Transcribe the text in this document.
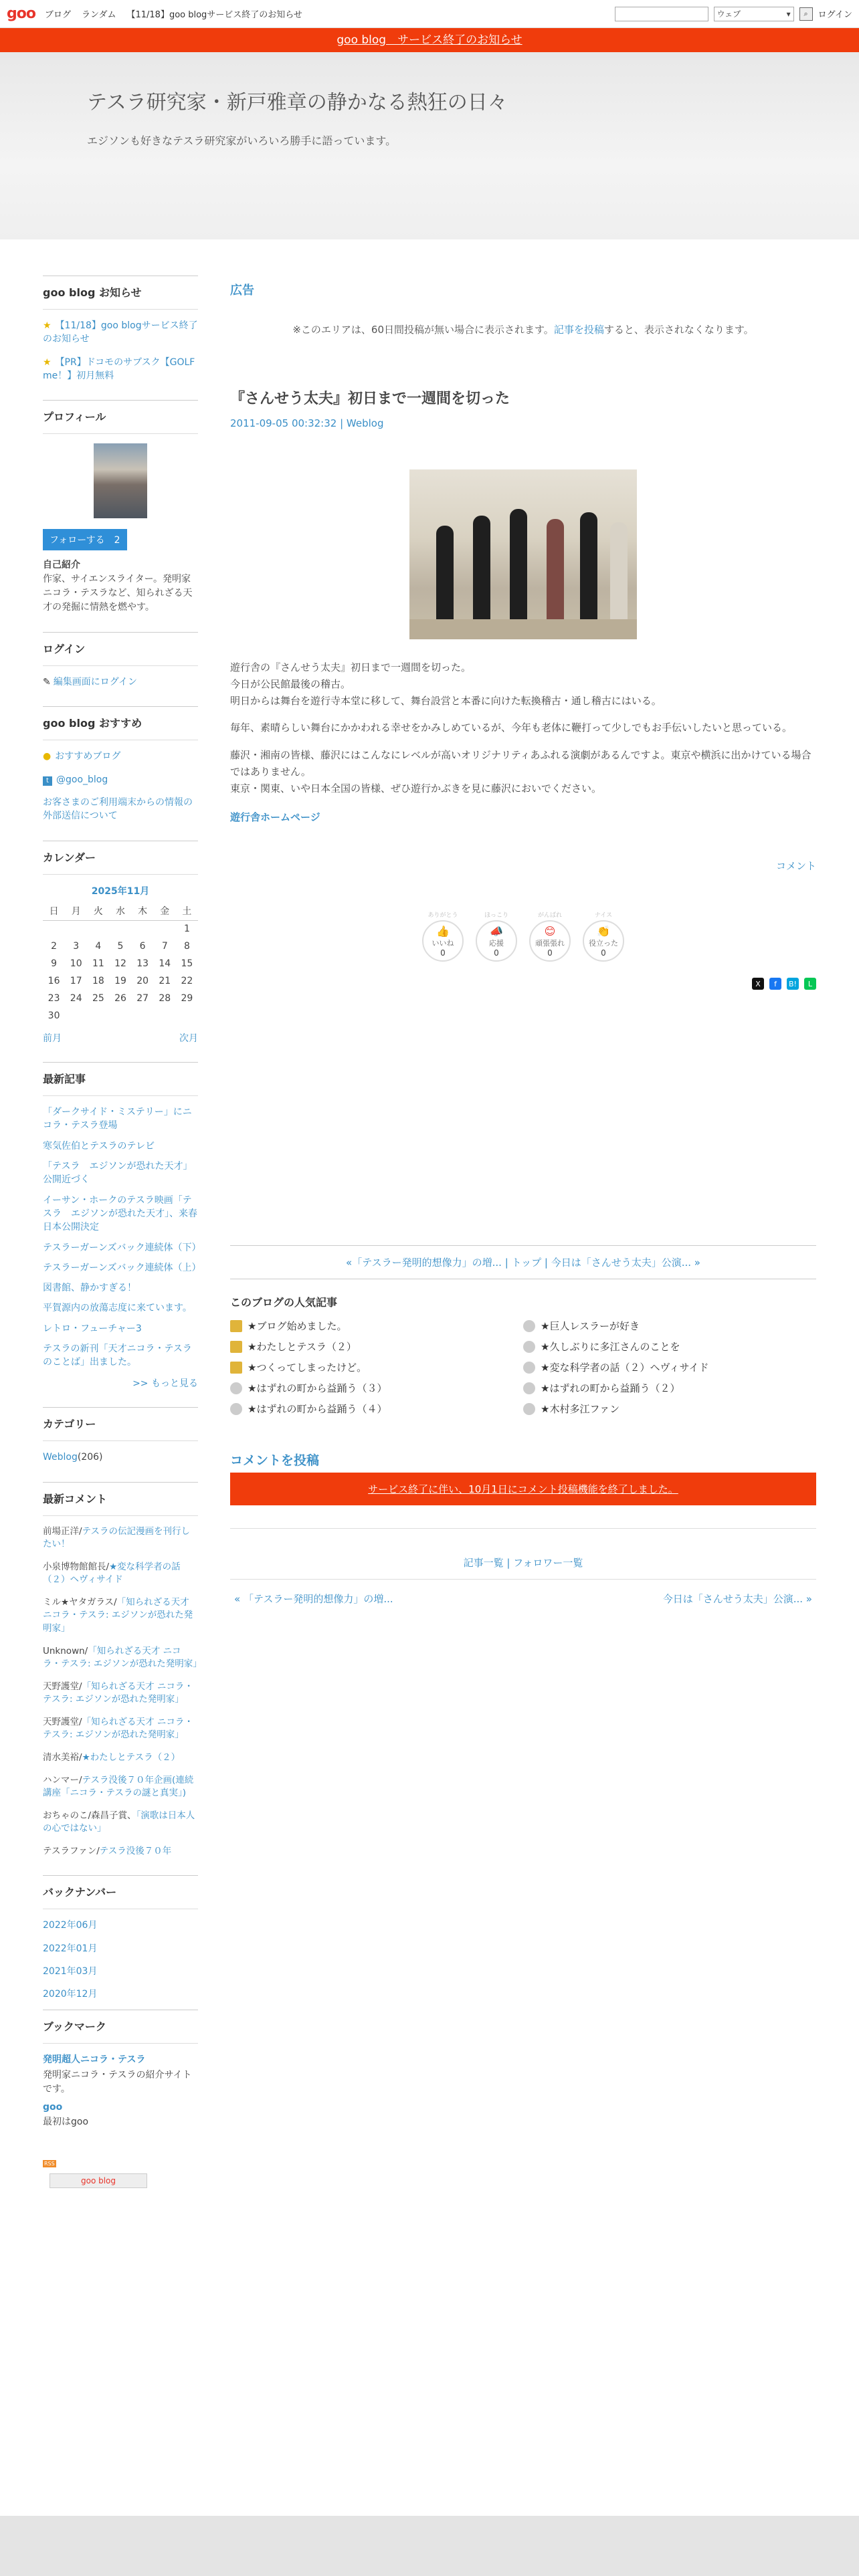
goo ブログ ランダム 【11/18】goo blogサービス終了のお知らせ	ウェブ	▾	⌕	ログイン
goo blog　サービス終了のお知らせ
テスラ研究家・新戸雅章の静かなる熱狂の日々

エジソンも好きなテスラ研究家がいろいろ勝手に語っています。

goo blog お知らせ
★ 【11/18】goo blogサービス終了のお知らせ
★ 【PR】ドコモのサブスク【GOLF me！】初月無料
プロフィール
フォローする　2
自己紹介
作家、サイエンスライター。発明家ニコラ・テスラなど、知られざる天才の発掘に情熱を燃やす。
ログイン
✎ 編集画面にログイン
goo blog おすすめ
● おすすめブログ
t @goo_blog
お客さまのご利用端末からの情報の外部送信について
カレンダー
2025年11月
日	月	火	水	木	金	土
						1
2	3	4	5	6	7	8
9	10	11	12	13	14	15
16	17	18	19	20	21	22
23	24	25	26	27	28	29
30						
前月	次月
最新記事
「ダークサイド・ミステリー」にニコラ・テスラ登場
寒気佐伯とテスラのテレビ
「テスラ　エジソンが恐れた天才」公開近づく
イーサン・ホークのテスラ映画「テスラ　エジソンが恐れた天才」、来春日本公開決定
テスラーガーンズバック連続体（下）
テスラーガーンズバック連続体（上）
図書館、静かすぎる！
平賀源内の放蕩志度に来ています。
レトロ・フューチャー3
テスラの新刊「天才ニコラ・テスラのことば」出ました。
>> もっと見る
カテゴリー
Weblog(206)
最新コメント
前場正洋/テスラの伝記漫画を刊行したい！
小泉博物館館長/★変な科学者の話（２）ヘヴィサイド
ミル★ヤタガラス/「知られざる天才 ニコラ・テスラ: エジソンが恐れた発明家」
Unknown/「知られざる天才 ニコラ・テスラ: エジソンが恐れた発明家」
天野護堂/「知られざる天才 ニコラ・テスラ: エジソンが恐れた発明家」
天野護堂/「知られざる天才 ニコラ・テスラ: エジソンが恐れた発明家」
清水美裕/★わたしとテスラ（２）
ハンマー/テスラ没後７０年企画(連続講座「ニコラ・テスラの謎と真実」)
おちゃのこ/森昌子賞、「演歌は日本人の心ではない」
テスラファン/テスラ没後７０年
バックナンバー
2022年06月
2022年01月
2021年03月
2020年12月
ブックマーク
発明超人ニコラ・テスラ
発明家ニコラ・テスラの紹介サイトです。
goo
最初はgoo
RSS
goo blog
広告
※このエリアは、60日間投稿が無い場合に表示されます。記事を投稿すると、表示されなくなります。
『さんせう太夫』初日まで一週間を切った
2011-09-05 00:32:32 | Weblog

遊行舎の『さんせう太夫』初日まで一週間を切った。
今日が公民館最後の稽古。
明日からは舞台を遊行寺本堂に移して、舞台設営と本番に向けた転換稽古・通し稽古にはいる。

毎年、素晴らしい舞台にかかわれる幸せをかみしめているが、今年も老体に鞭打って少しでもお手伝いしたいと思っている。

藤沢・湘南の皆様、藤沢にはこんなにレベルが高いオリジナリティあふれる演劇があるんですよ。東京や横浜に出かけている場合ではありません。
東京・関東、いや日本全国の皆様、ぜひ遊行かぶきを見に藤沢においでください。

遊行舎ホームページ
コメント
ありがとう
👍
いいね
0
ほっこり
📣
応援
0
がんばれ
😊
頑張張れ
0
ナイス
👏
役立った
0
X	f	B!	L
«「テスラー発明的想像力」の増... | トップ | 今日は「さんせう太夫」公演... »
このブログの人気記事
★ブログ始めました。	★巨人レスラーが好き
★わたしとテスラ（２）	★久しぶりに多江さんのことを
★つくってしまったけど。	★変な科学者の話（２）ヘヴィサイド
★はずれの町から益踊う（３）	★はずれの町から益踊う（２）
★はずれの町から益踊う（４）	★木村多江ファン
コメントを投稿
サービス終了に伴い、10月1日にコメント投稿機能を終了しました。
記事一覧 | フォロワー一覧
« 「テスラー発明的想像力」の増...	今日は「さんせう太夫」公演... »
